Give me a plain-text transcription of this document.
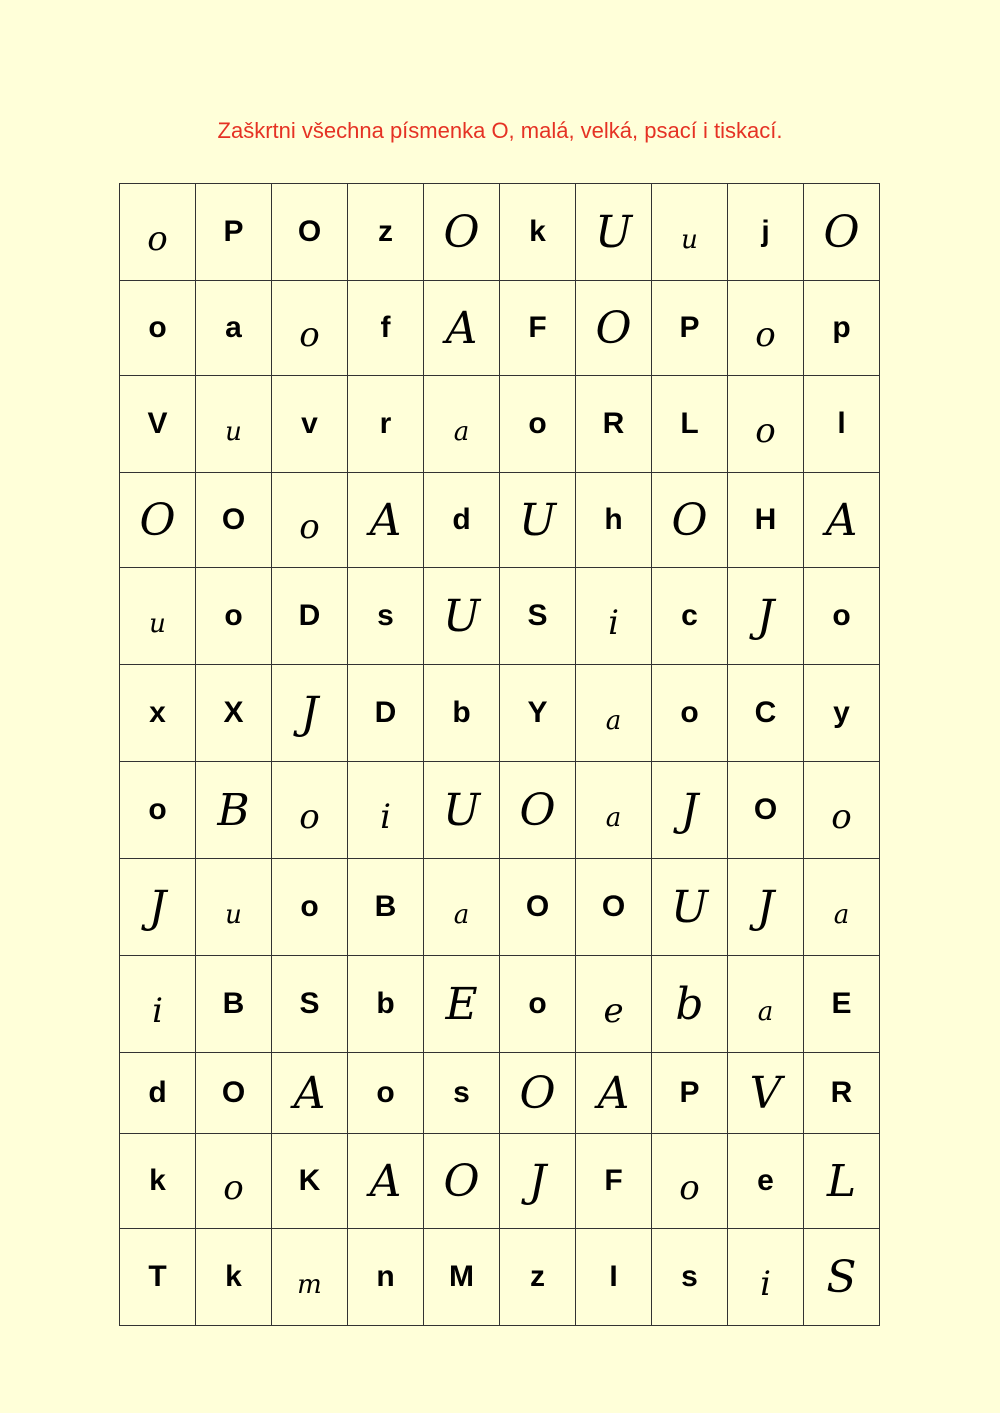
Zaškrtni všechna písmenka O, malá, velká, psací i tiskací.

o	P	O	z	O	k	U	u	j	O
o	a	o	f	A	F	O	P	o	p
V	u	v	r	a	o	R	L	o	l
O	O	o	A	d	U	h	O	H	A
u	o	D	s	U	S	i	c	J	o
x	X	J	D	b	Y	a	o	C	y
o	B	o	i	U	O	a	J	O	o
J	u	o	B	a	O	O	U	J	a
i	B	S	b	E	o	e	b	a	E
d	O	A	o	s	O	A	P	V	R
k	o	K	A	O	J	F	o	e	L
T	k	m	n	M	z	I	s	i	S
